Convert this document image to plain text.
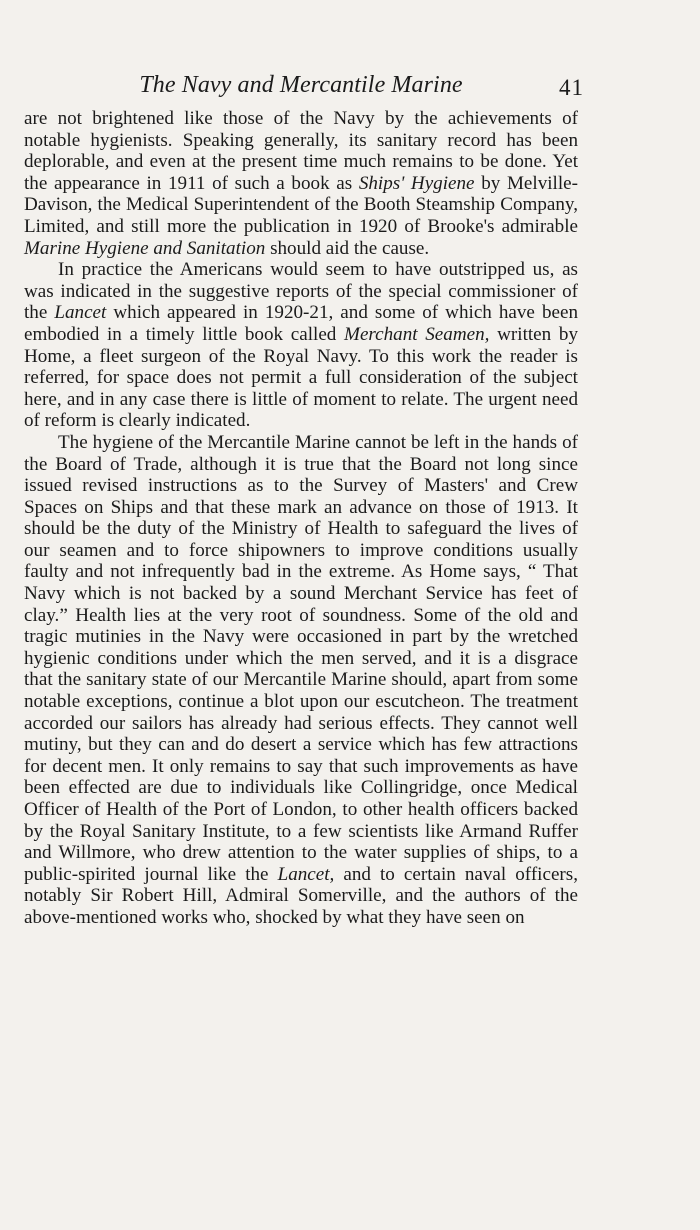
The Navy and Mercantile Marine	41

are not brightened like those of the Navy by the achievements of notable hygienists. Speaking generally, its sanitary record has been deplorable, and even at the present time much remains to be done. Yet the appearance in 1911 of such a book as Ships' Hygiene by Melville-Davison, the Medical Superintendent of the Booth Steamship Company, Limited, and still more the publication in 1920 of Brooke's admirable Marine Hygiene and Sanitation should aid the cause.

In practice the Americans would seem to have outstripped us, as was indicated in the suggestive reports of the special commissioner of the Lancet which appeared in 1920-21, and some of which have been embodied in a timely little book called Merchant Seamen, written by Home, a fleet surgeon of the Royal Navy. To this work the reader is referred, for space does not permit a full consideration of the subject here, and in any case there is little of moment to relate. The urgent need of reform is clearly indicated.

The hygiene of the Mercantile Marine cannot be left in the hands of the Board of Trade, although it is true that the Board not long since issued revised instructions as to the Survey of Masters' and Crew Spaces on Ships and that these mark an advance on those of 1913. It should be the duty of the Ministry of Health to safeguard the lives of our seamen and to force shipowners to improve conditions usually faulty and not infrequently bad in the extreme. As Home says, “ That Navy which is not backed by a sound Merchant Service has feet of clay.” Health lies at the very root of soundness. Some of the old and tragic mutinies in the Navy were occasioned in part by the wretched hygienic conditions under which the men served, and it is a disgrace that the sanitary state of our Mercantile Marine should, apart from some notable exceptions, continue a blot upon our escutcheon. The treatment accorded our sailors has already had serious effects. They cannot well mutiny, but they can and do desert a service which has few attractions for decent men. It only remains to say that such improvements as have been effected are due to individuals like Collingridge, once Medical Officer of Health of the Port of London, to other health officers backed by the Royal Sanitary Institute, to a few scientists like Armand Ruffer and Willmore, who drew attention to the water supplies of ships, to a public-spirited journal like the Lancet, and to certain naval officers, notably Sir Robert Hill, Admiral Somerville, and the authors of the above-mentioned works who, shocked by what they have seen on
